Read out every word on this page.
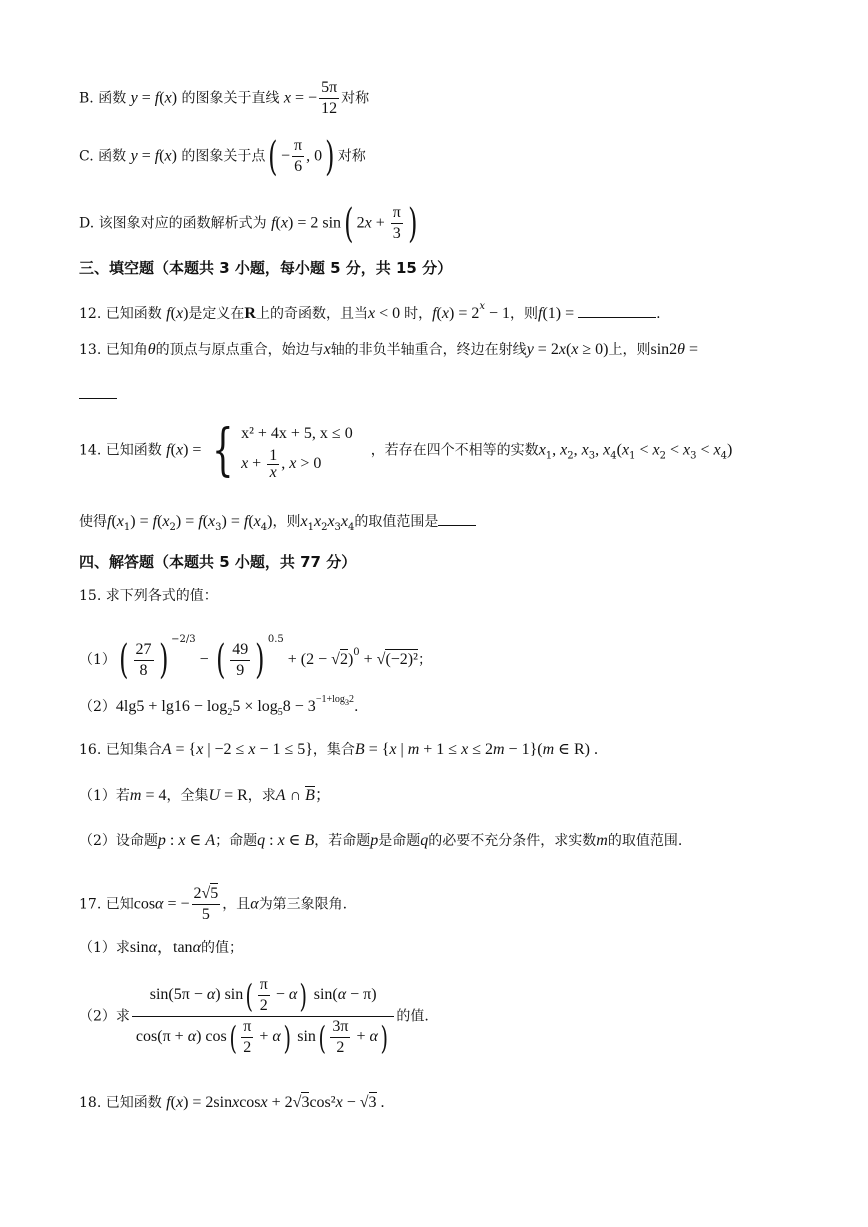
B. 函数 y = f(x) 的图象关于直线 x = − $\frac{5\pi}{12}$ 对称
C. 函数 y = f(x) 的图象关于点( − $\frac{\pi}{6}$ , 0) 对称
D. 该图象对应的函数解析式为 f(x) = 2 sin( $2x + \frac{\pi}{3}$ )
三、填空题（本题共 3 小题，每小题 5 分，共 15 分）
12. 已知函数 f(x)是定义在R上的奇函数，且当x < 0 时，$f(x) = 2^x - 1$，则f(1) =	.
13. 已知角θ的顶点与原点重合，始边与x轴的非负半轴重合，终边在射线y = 2x(x ≥ 0)上，则sin2θ =
14. 已知函数 f(x) = { x² + 4x + 5, x ≤ 0
$x + \frac{1}{x}$ , x > 0
，若存在四个不相等的实数$x_1$, $x_2$, $x_3$, $x_4(x_1 < x_2 < x_3 < x_4)$
使得$f(x_1) = f(x_2) = f(x_3) = f(x_4)$，则$x_1x_2x_3x_4$的取值范围是
四、解答题（本题共 5 小题，共 77 分）
15. 求下列各式的值：
$(1)( \frac{27}{8}$ ) $^{-2/3}$ − ( $\frac{49}{9}$ ) $^{0.5} + (2 - √2)^0 + √(-2)^2$；
$(2)4\lg 5 + \lg 16 - \log_25 \times \log_58 - 3^{-1+log_32}$.
16. 已知集合A = {x | −2 ≤ x − 1 ≤ 5}，集合B = {x | m + 1 ≤ x ≤ 2m − 1}(m ∈ R) .
（1）若m = 4，全集U = R，求A ∩ B；
（2）设命题p : x ∈ A；命题q : x ∈ B，若命题p是命题q的必要不充分条件，求实数m的取值范围.
17. 已知cosα = − $\frac{2√5}{5}$ ，且α为第三象限角.
（1）求sinα，tanα的值；
（2）求 $\frac{\sin(5\pi - \alpha) \sin( \frac{\pi}{2} - \alpha) \sin(\alpha - \pi)}{\cos(\pi + \alpha) \cos( \frac{\pi}{2} + \alpha) \sin( \frac{3\pi}{2} + \alpha)}$ 的值.
18. 已知函数 f(x) = 2sinxcosx + 2√3cos²x − √3 .
